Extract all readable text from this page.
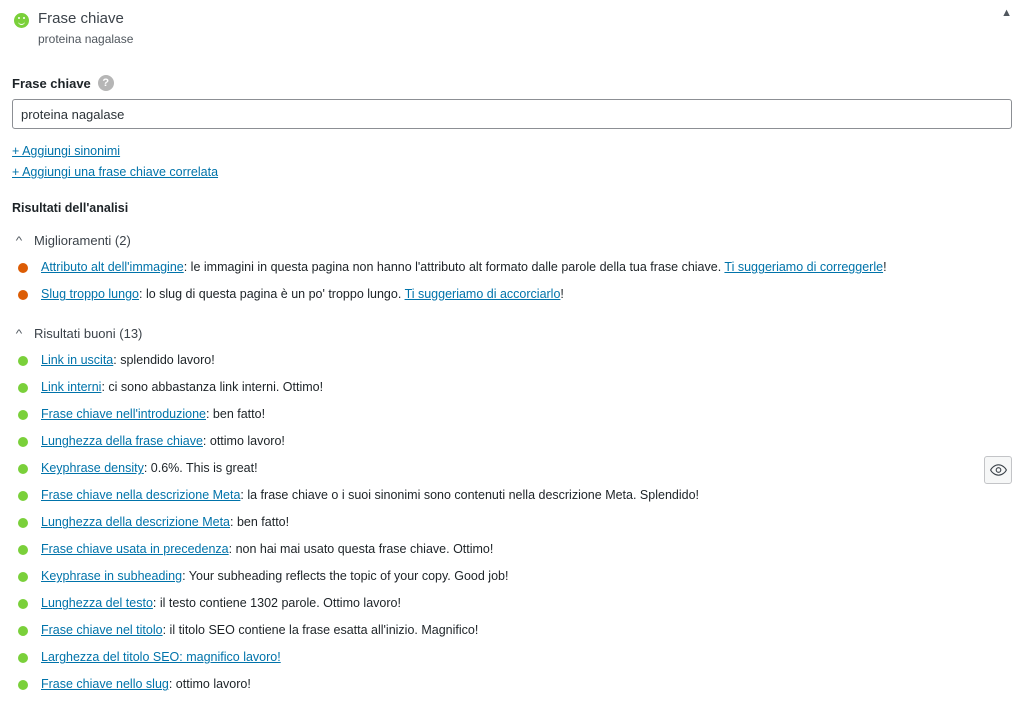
Frase chiave
proteina nagalase
▲
Frase chiave	?
proteina nagalase
+ Aggiungi sinonimi
+ Aggiungi una frase chiave correlata
Risultati dell'analisi
^ Miglioramenti (2)
Attributo alt dell'immagine: le immagini in questa pagina non hanno l'attributo alt formato dalle parole della tua frase chiave. Ti suggeriamo di correggerle!
Slug troppo lungo: lo slug di questa pagina è un po' troppo lungo. Ti suggeriamo di accorciarlo!
^ Risultati buoni (13)
Link in uscita: splendido lavoro!
Link interni: ci sono abbastanza link interni. Ottimo!
Frase chiave nell'introduzione: ben fatto!
Lunghezza della frase chiave: ottimo lavoro!
Keyphrase density: 0.6%. This is great!
Frase chiave nella descrizione Meta: la frase chiave o i suoi sinonimi sono contenuti nella descrizione Meta. Splendido!
Lunghezza della descrizione Meta: ben fatto!
Frase chiave usata in precedenza: non hai mai usato questa frase chiave. Ottimo!
Keyphrase in subheading: Your subheading reflects the topic of your copy. Good job!
Lunghezza del testo: il testo contiene 1302 parole. Ottimo lavoro!
Frase chiave nel titolo: il titolo SEO contiene la frase esatta all'inizio. Magnifico!
Larghezza del titolo SEO: magnifico lavoro!
Frase chiave nello slug: ottimo lavoro!
